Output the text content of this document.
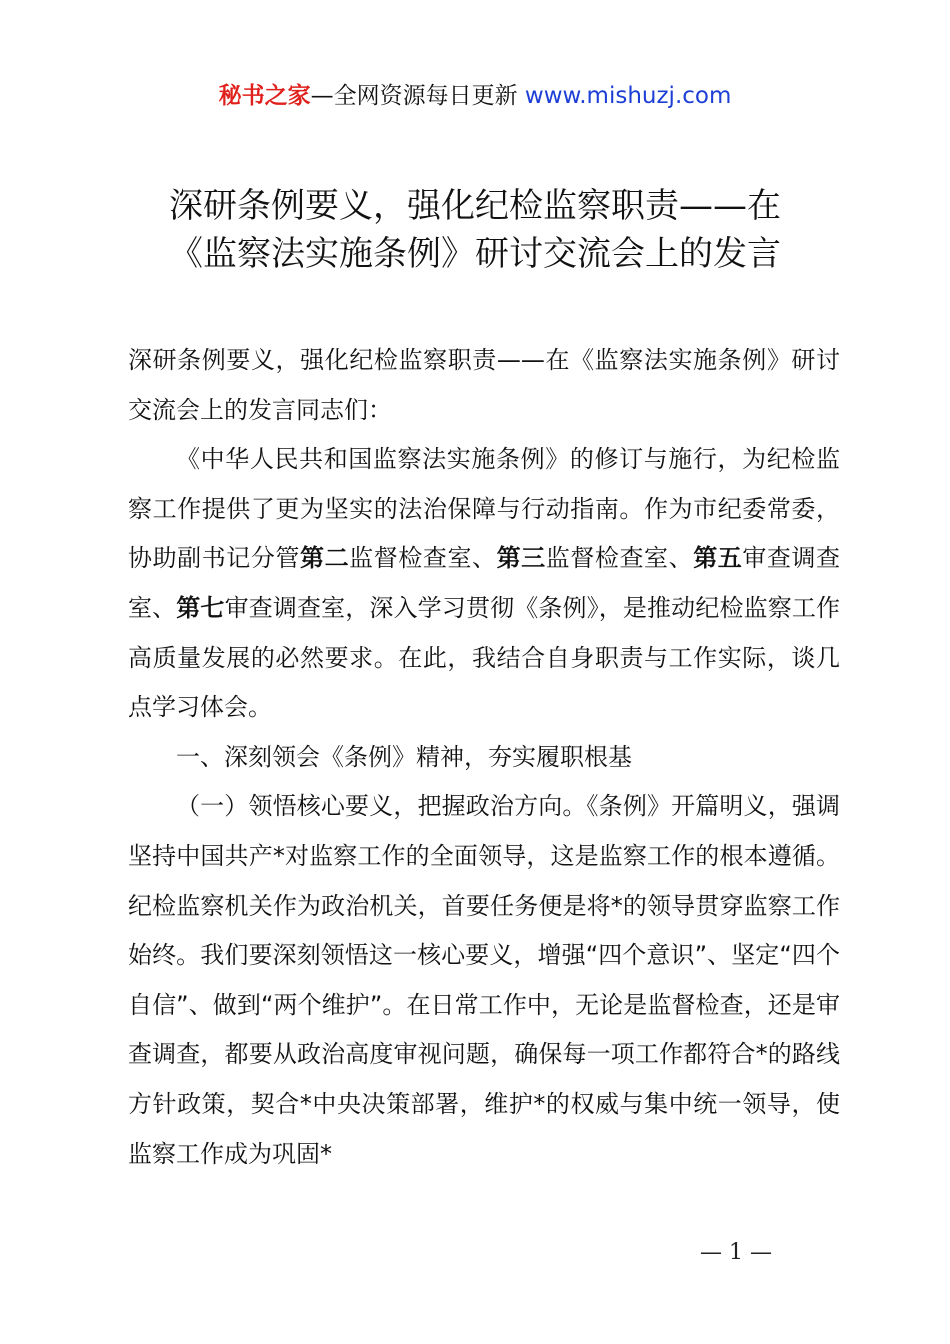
秘书之家—全网资源每日更新 www.mishuzj.com
深研条例要义，强化纪检监察职责——在
《监察法实施条例》研讨交流会上的发言

深研条例要义，强化纪检监察职责——在《监察法实施条例》研讨交流会上的发言同志们：

《中华人民共和国监察法实施条例》的修订与施行，为纪检监察工作提供了更为坚实的法治保障与行动指南。作为市纪委常委，协助副书记分管第二监督检查室、第三监督检查室、第五审查调查室、第七审查调查室，深入学习贯彻《条例》，是推动纪检监察工作高质量发展的必然要求。在此，我结合自身职责与工作实际，谈几点学习体会。

一、深刻领会《条例》精神，夯实履职根基

（一）领悟核心要义，把握政治方向。《条例》开篇明义，强调坚持中国共产*对监察工作的全面领导，这是监察工作的根本遵循。纪检监察机关作为政治机关，首要任务便是将*的领导贯穿监察工作始终。我们要深刻领悟这一核心要义，增强“四个意识”、坚定“四个自信”、做到“两个维护”。在日常工作中，无论是监督检查，还是审查调查，都要从政治高度审视问题，确保每一项工作都符合*的路线方针政策，契合*中央决策部署，维护*的权威与集中统一领导，使监察工作成为巩固*

— 1 —
